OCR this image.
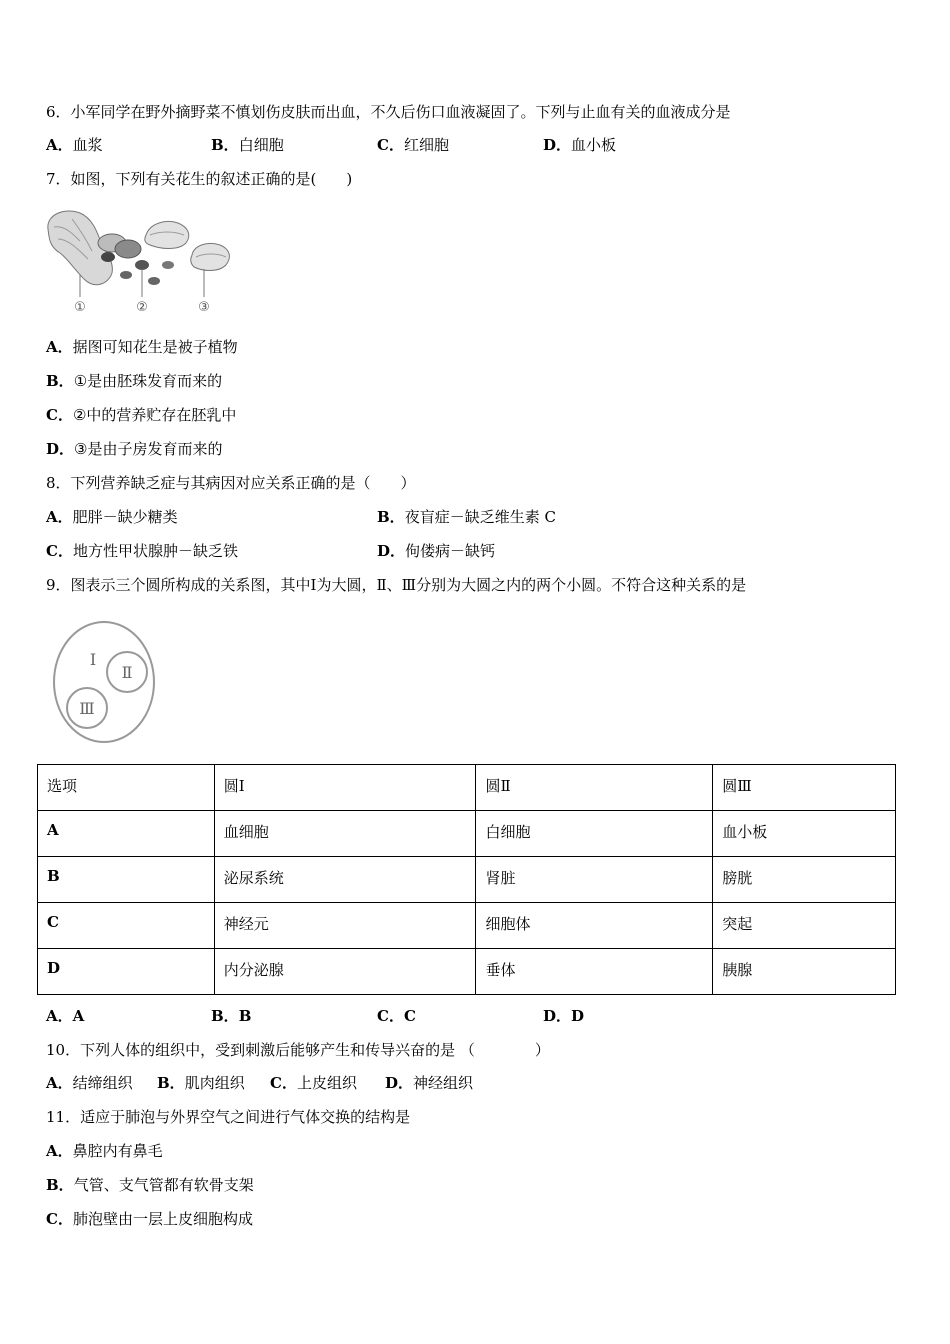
6．小军同学在野外摘野菜不慎划伤皮肤而出血，不久后伤口血液凝固了。下列与止血有关的血液成分是
A．血浆	B．白细胞	C．红细胞	D．血小板
7．如图，下列有关花生的叙述正确的是(　　)
①	②	③
A．据图可知花生是被子植物
B．①是由胚珠发育而来的
C．②中的营养贮存在胚乳中
D．③是由子房发育而来的
8．下列营养缺乏症与其病因对应关系正确的是（　　）
A．肥胖－缺少糖类	B．夜盲症－缺乏维生素 C
C．地方性甲状腺肿－缺乏铁	D．佝偻病－缺钙
9．图表示三个圆所构成的关系图，其中Ⅰ为大圆，Ⅱ、Ⅲ分别为大圆之内的两个小圆。不符合这种关系的是
Ⅰ
Ⅱ
Ⅲ
选项	圆Ⅰ	圆Ⅱ	圆Ⅲ
A	血细胞	白细胞	血小板
B	泌尿系统	肾脏	膀胱
C	神经元	细胞体	突起
D	内分泌腺	垂体	胰腺
A．A	B．B	C．C	D．D
10．下列人体的组织中，受到刺激后能够产生和传导兴奋的是 （　　　　）
A．结缔组织 B．肌肉组织 C．上皮组织 D．神经组织
11．适应于肺泡与外界空气之间进行气体交换的结构是
A．鼻腔内有鼻毛
B．气管、支气管都有软骨支架
C．肺泡壁由一层上皮细胞构成
